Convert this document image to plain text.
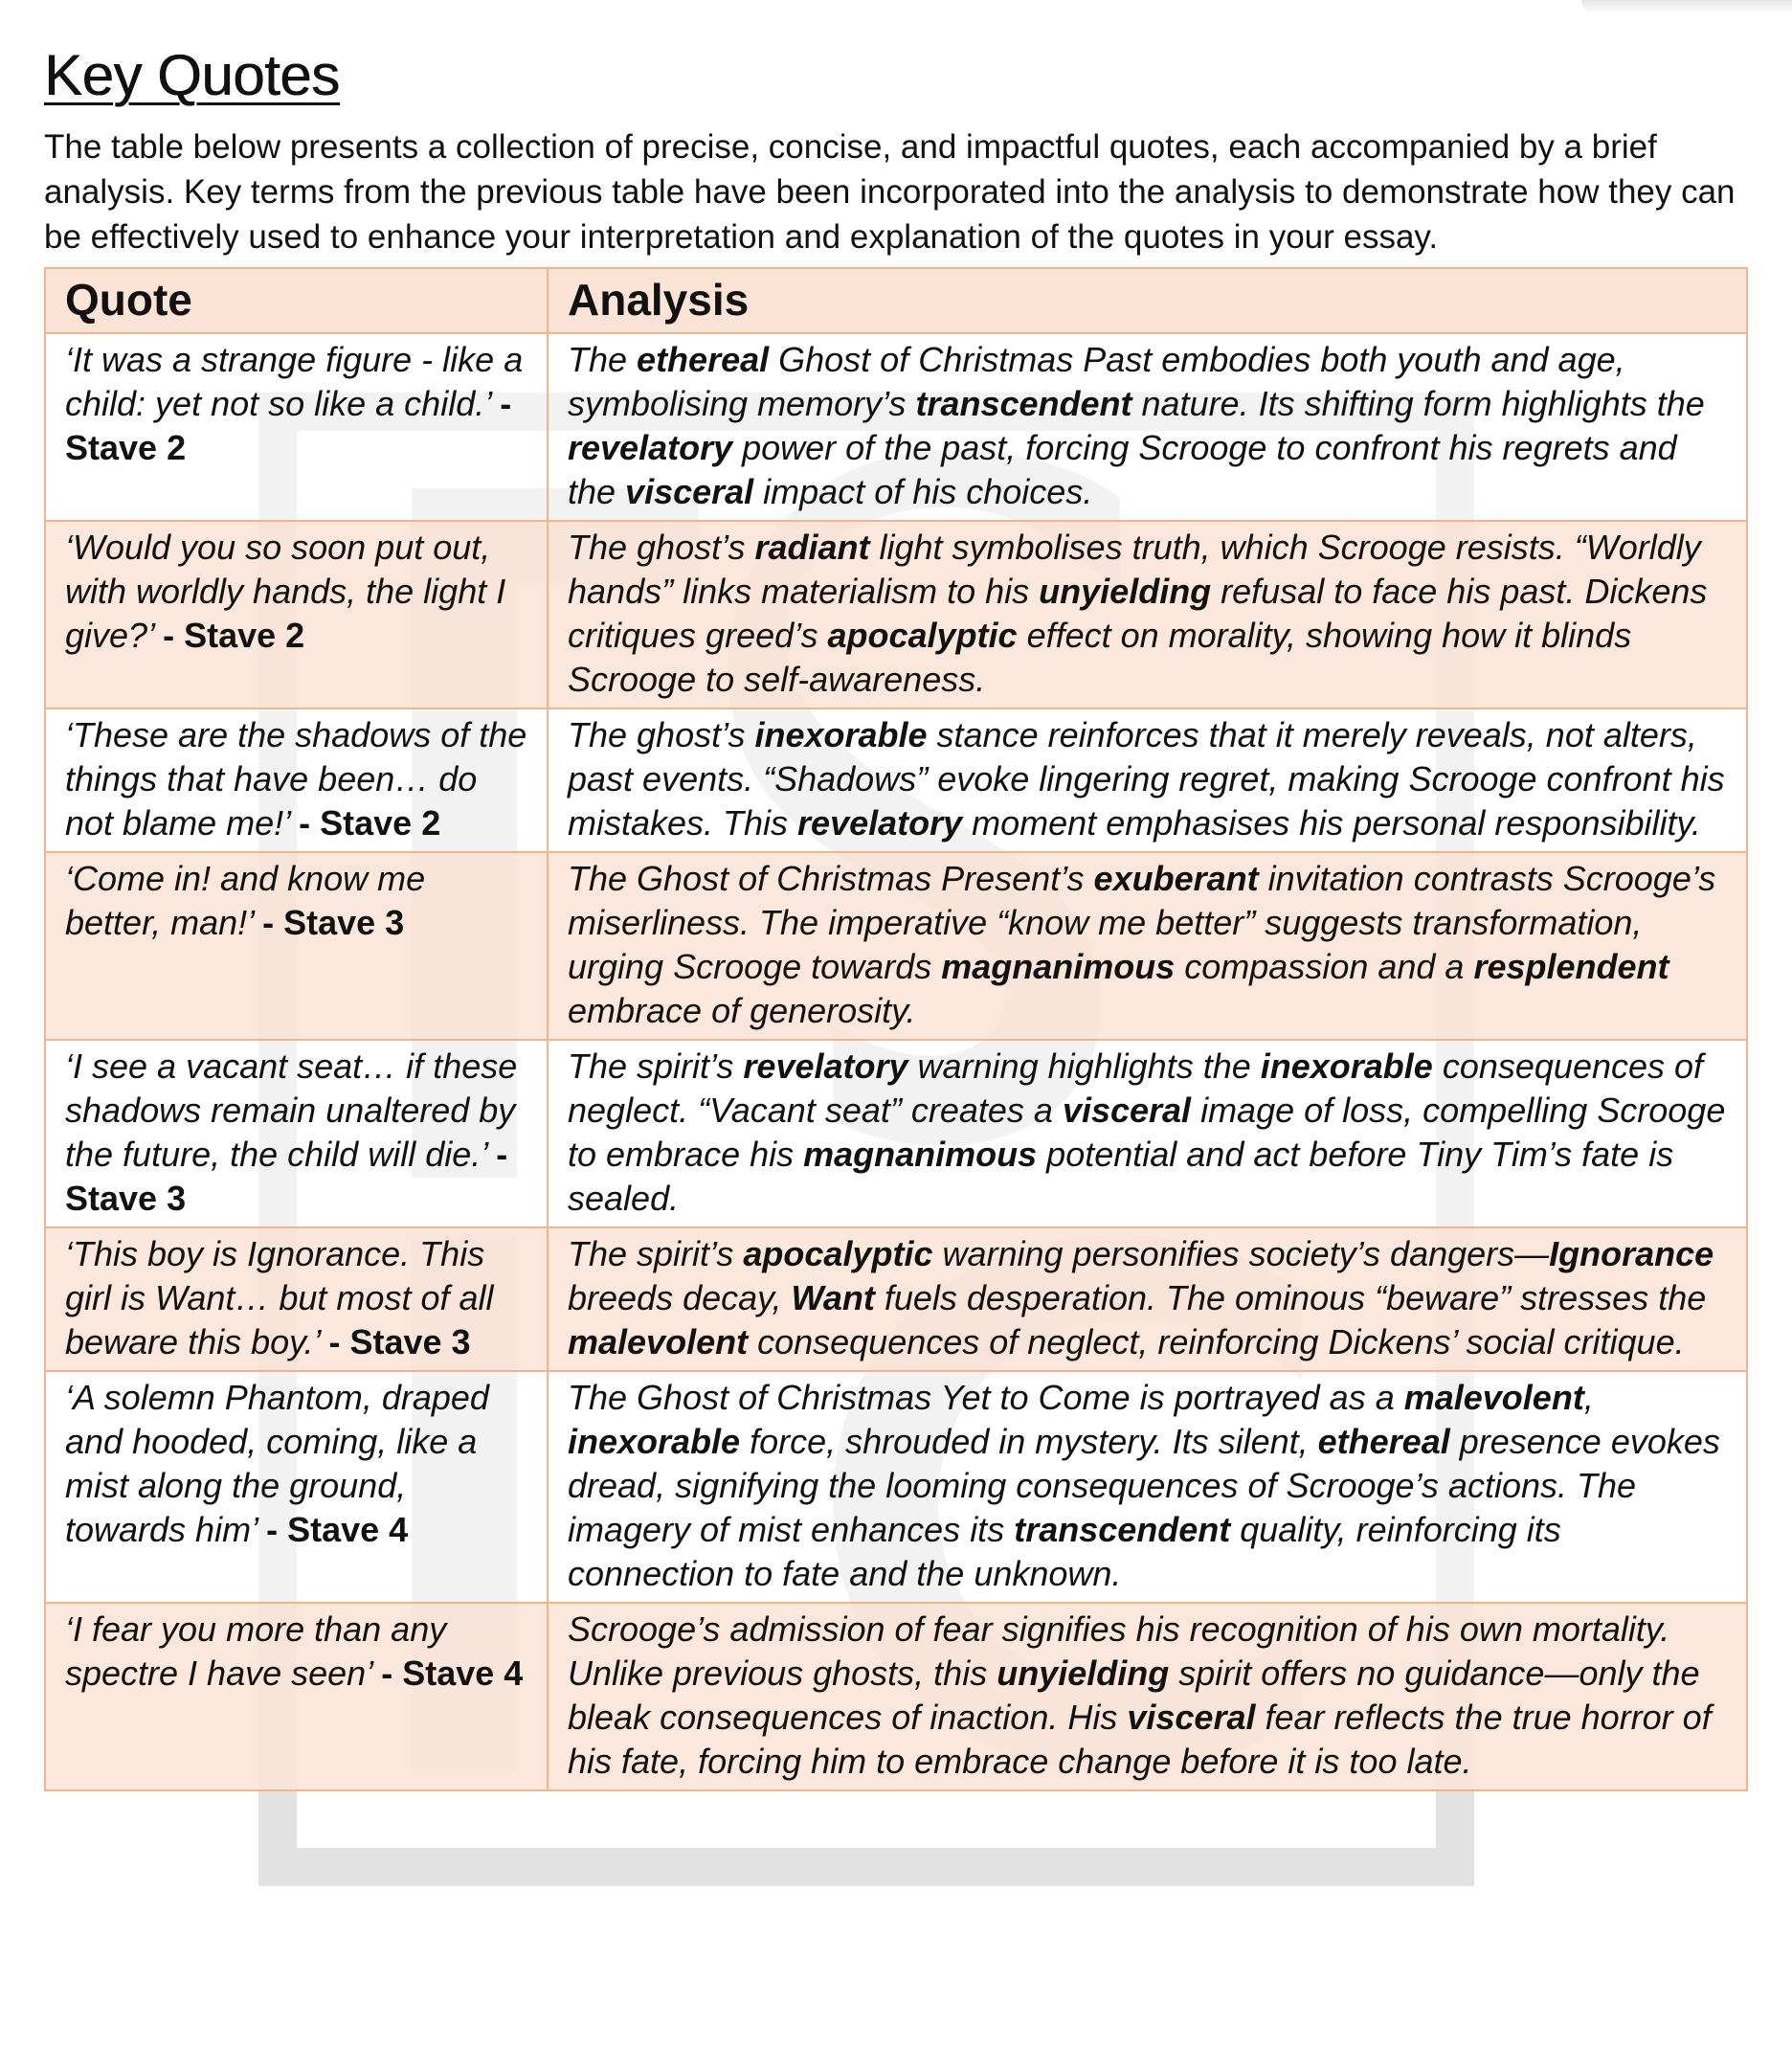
Key Quotes

The table below presents a collection of precise, concise, and impactful quotes, each accompanied by a brief analysis. Key terms from the previous table have been incorporated into the analysis to demonstrate how they can be effectively used to enhance your interpretation and explanation of the quotes in your essay.

Quote	Analysis
‘It was a strange figure - like a child: yet not so like a child.’ - Stave 2	The ethereal Ghost of Christmas Past embodies both youth and age, symbolising memory’s transcendent nature. Its shifting form highlights the revelatory power of the past, forcing Scrooge to confront his regrets and the visceral impact of his choices.
‘Would you so soon put out, with worldly hands, the light I give?’ - Stave 2	The ghost’s radiant light symbolises truth, which Scrooge resists. “Worldly hands” links materialism to his unyielding refusal to face his past. Dickens critiques greed’s apocalyptic effect on morality, showing how it blinds Scrooge to self-awareness.
‘These are the shadows of the things that have been… do not blame me!’ - Stave 2	The ghost’s inexorable stance reinforces that it merely reveals, not alters, past events. “Shadows” evoke lingering regret, making Scrooge confront his mistakes. This revelatory moment emphasises his personal responsibility.
‘Come in! and know me better, man!’ - Stave 3	The Ghost of Christmas Present’s exuberant invitation contrasts Scrooge’s miserliness. The imperative “know me better” suggests transformation, urging Scrooge towards magnanimous compassion and a resplendent embrace of generosity.
‘I see a vacant seat… if these shadows remain unaltered by the future, the child will die.’ - Stave 3	The spirit’s revelatory warning highlights the inexorable consequences of neglect. “Vacant seat” creates a visceral image of loss, compelling Scrooge to embrace his magnanimous potential and act before Tiny Tim’s fate is sealed.
‘This boy is Ignorance. This girl is Want… but most of all beware this boy.’ - Stave 3	The spirit’s apocalyptic warning personifies society’s dangers—Ignorance breeds decay, Want fuels desperation. The ominous “beware” stresses the malevolent consequences of neglect, reinforcing Dickens’ social critique.
‘A solemn Phantom, draped and hooded, coming, like a mist along the ground, towards him’ - Stave 4	The Ghost of Christmas Yet to Come is portrayed as a malevolent, inexorable force, shrouded in mystery. Its silent, ethereal presence evokes dread, signifying the looming consequences of Scrooge’s actions. The imagery of mist enhances its transcendent quality, reinforcing its connection to fate and the unknown.
‘I fear you more than any spectre I have seen’ - Stave 4	Scrooge’s admission of fear signifies his recognition of his own mortality. Unlike previous ghosts, this unyielding spirit offers no guidance—only the bleak consequences of inaction. His visceral fear reflects the true horror of his fate, forcing him to embrace change before it is too late.
